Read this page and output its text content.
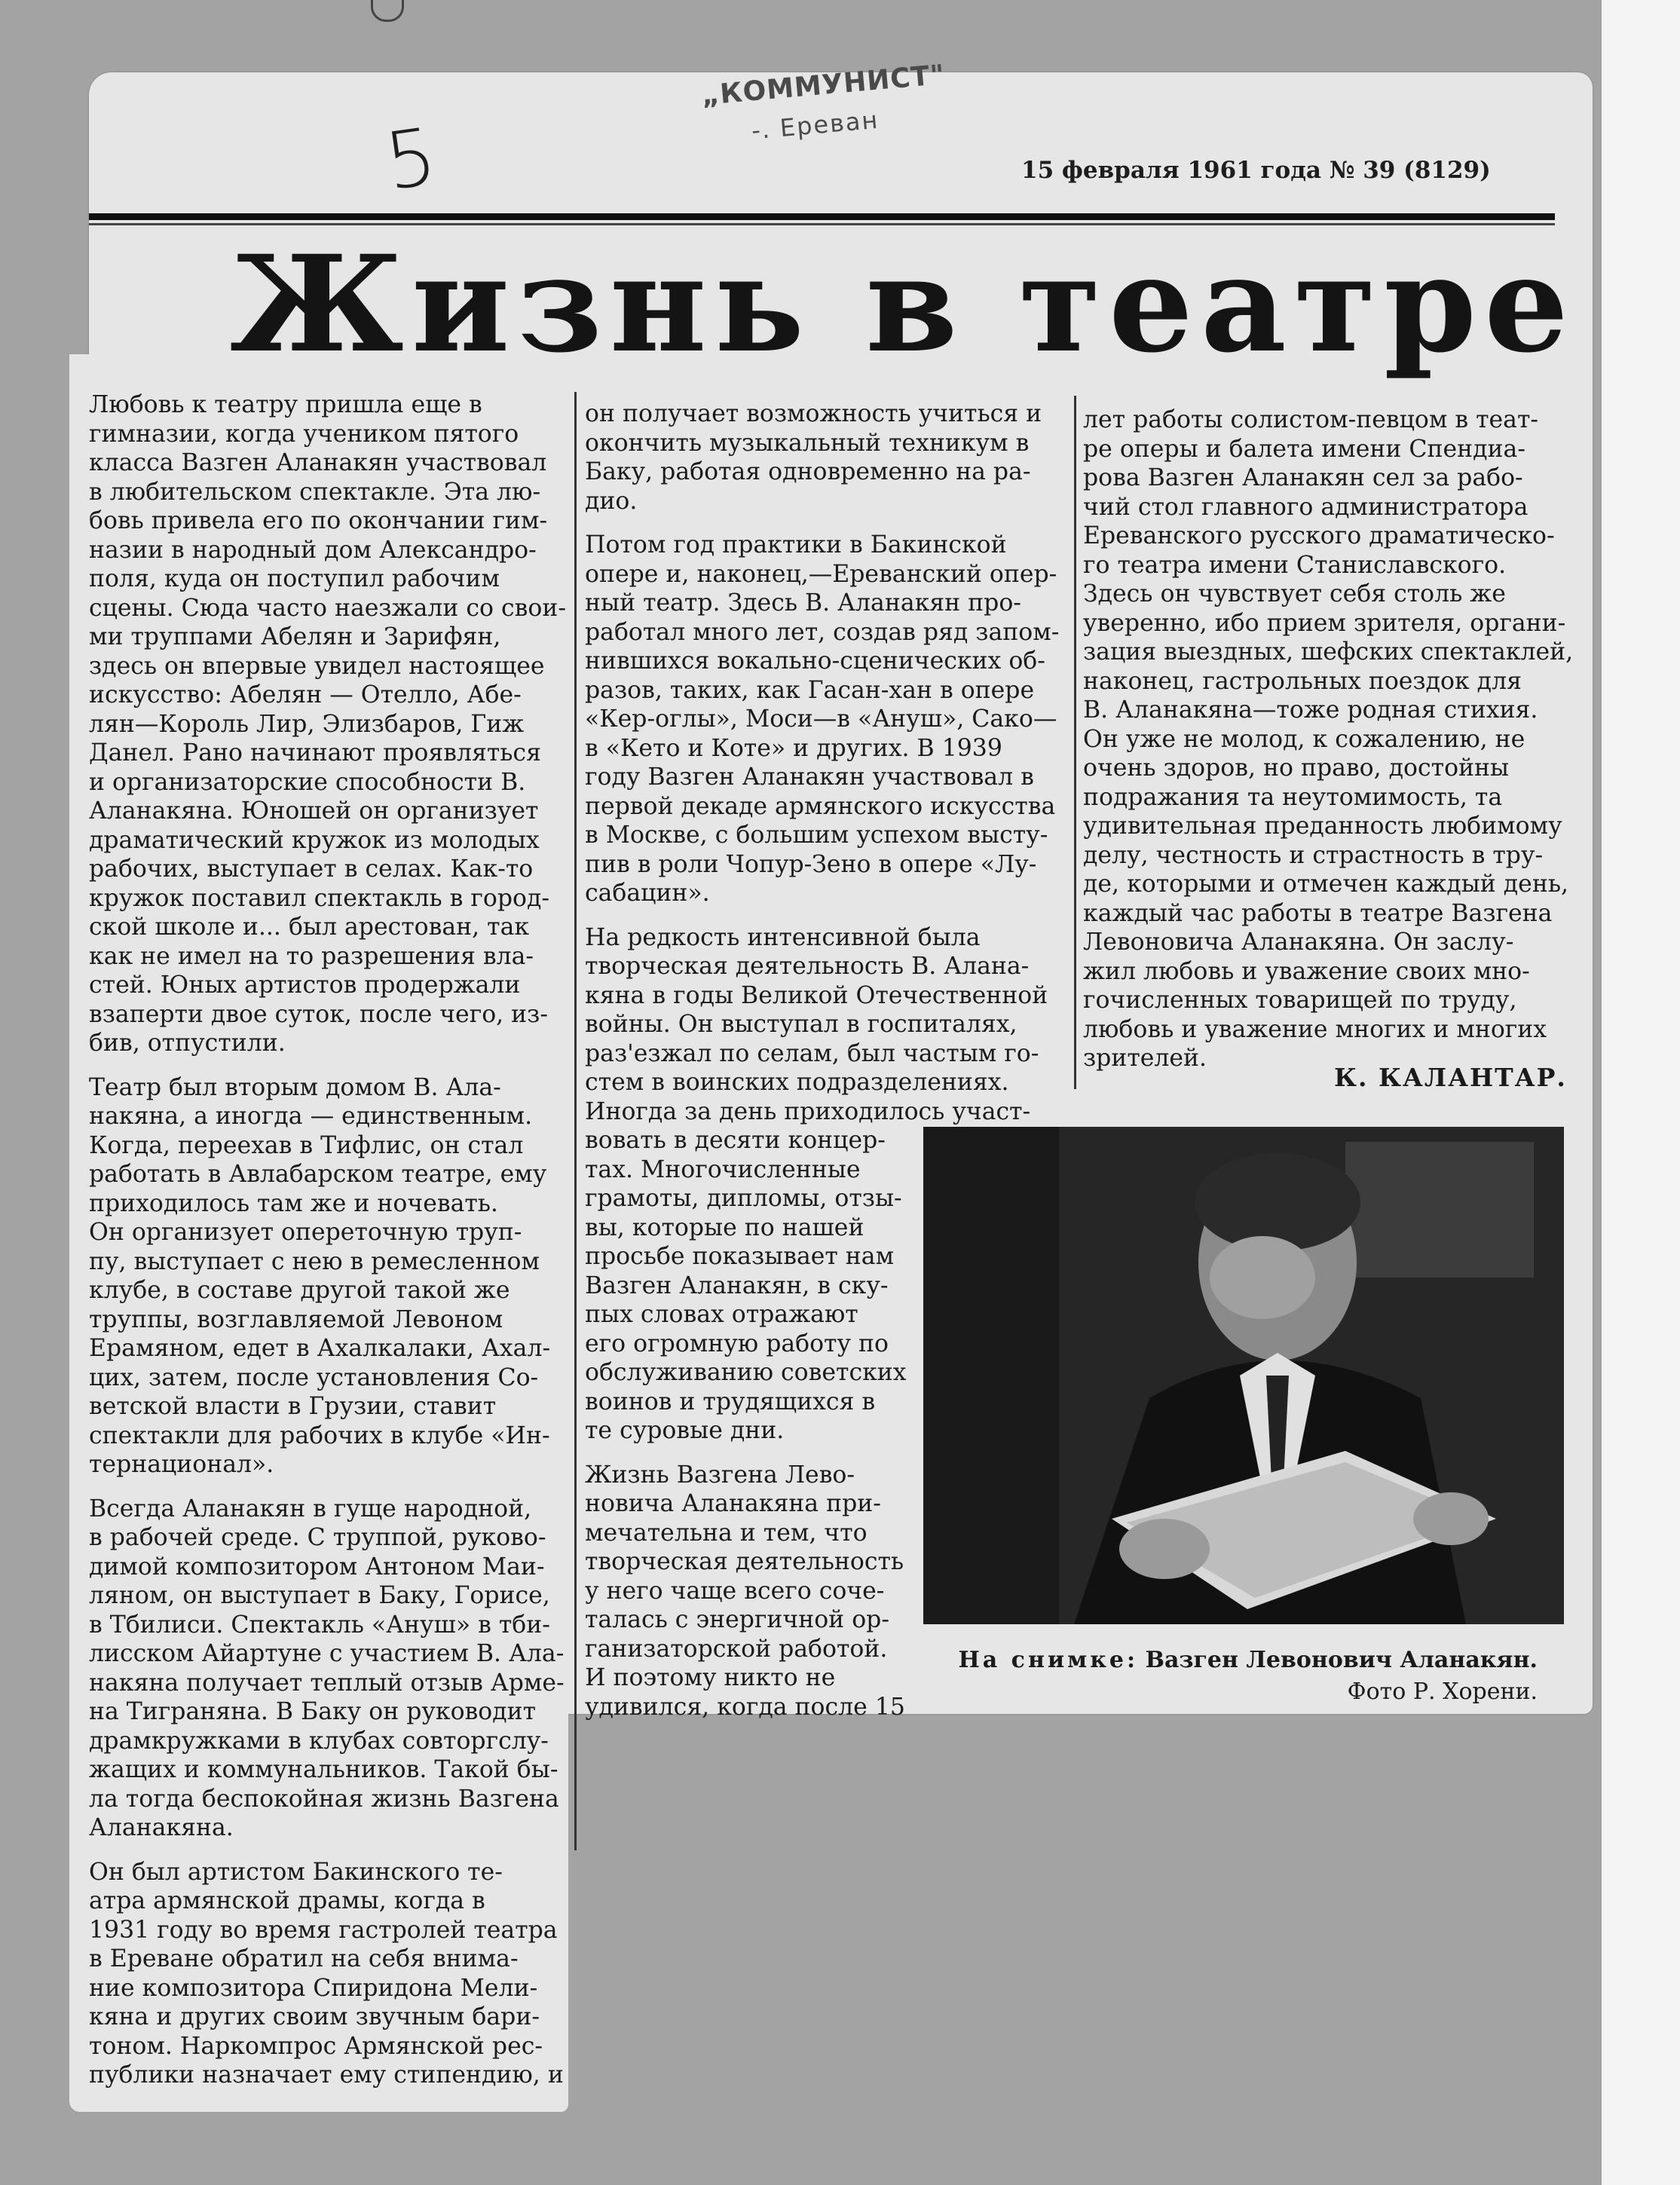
5
„КОММУНИСТ"
-. Ереван
15 февраля 1961 года № 39 (8129)
Жизнь в театре
Любовь к театру пришла еще в
гимназии, когда учеником пятого
класса Вазген Аланакян участвовал
в любительском спектакле. Эта лю-
бовь привела его по окончании гим-
назии в народный дом Александро-
поля, куда он поступил рабочим
сцены. Сюда часто наезжали со свои-
ми труппами Абелян и Зарифян,
здесь он впервые увидел настоящее
искусство: Абелян — Отелло, Абе-
лян—Король Лир, Элизбаров, Гиж
Данел. Рано начинают проявляться
и организаторские способности В.
Аланакяна. Юношей он организует
драматический кружок из молодых
рабочих, выступает в селах. Как-то
кружок поставил спектакль в город-
ской школе и... был арестован, так
как не имел на то разрешения вла-
стей. Юных артистов продержали
взаперти двое суток, после чего, из-
бив, отпустили.
Театр был вторым домом В. Ала-
накяна, а иногда — единственным.
Когда, переехав в Тифлис, он стал
работать в Авлабарском театре, ему
приходилось там же и ночевать.
Он организует опереточную труп-
пу, выступает с нею в ремесленном
клубе, в составе другой такой же
труппы, возглавляемой Левоном
Ерамяном, едет в Ахалкалаки, Ахал-
цих, затем, после установления Со-
ветской власти в Грузии, ставит
спектакли для рабочих в клубе «Ин-
тернационал».
Всегда Аланакян в гуще народной,
в рабочей среде. С труппой, руково-
димой композитором Антоном Маи-
ляном, он выступает в Баку, Горисе,
в Тбилиси. Спектакль «Ануш» в тби-
лисском Айартуне с участием В. Ала-
накяна получает теплый отзыв Арме-
на Тиграняна. В Баку он руководит
драмкружками в клубах совторгслу-
жащих и коммунальников. Такой бы-
ла тогда беспокойная жизнь Вазгена
Аланакяна.
Он был артистом Бакинского те-
атра армянской драмы, когда в
1931 году во время гастролей театра
в Ереване обратил на себя внима-
ние композитора Спиридона Мели-
кяна и других своим звучным бари-
тоном. Наркомпрос Армянской рес-
публики назначает ему стипендию, и
он получает возможность учиться и
окончить музыкальный техникум в
Баку, работая одновременно на ра-
дио.
Потом год практики в Бакинской
опере и, наконец,—Ереванский опер-
ный театр. Здесь В. Аланакян про-
работал много лет, создав ряд запом-
нившихся вокально-сценических об-
разов, таких, как Гасан-хан в опере
«Кер-оглы», Моси—в «Ануш», Сако—
в «Кето и Коте» и других. В 1939
году Вазген Аланакян участвовал в
первой декаде армянского искусства
в Москве, с большим успехом высту-
пив в роли Чопур-Зено в опере «Лу-
сабацин».
На редкость интенсивной была
творческая деятельность В. Алана-
кяна в годы Великой Отечественной
войны. Он выступал в госпиталях,
раз'езжал по селам, был частым го-
стем в воинских подразделениях.
Иногда за день приходилось участ-
вовать в десяти концер-
тах. Многочисленные
грамоты, дипломы, отзы-
вы, которые по нашей
просьбе показывает нам
Вазген Аланакян, в ску-
пых словах отражают
его огромную работу по
обслуживанию советских
воинов и трудящихся в
те суровые дни.
Жизнь Вазгена Лево-
новича Аланакяна при-
мечательна и тем, что
творческая деятельность
у него чаще всего соче-
талась с энергичной ор-
ганизаторской работой.
И поэтому никто не
удивился, когда после 15
лет работы солистом-певцом в теат-
ре оперы и балета имени Спендиа-
рова Вазген Аланакян сел за рабо-
чий стол главного администратора
Ереванского русского драматическо-
го театра имени Станиславского.
Здесь он чувствует себя столь же
уверенно, ибо прием зрителя, органи-
зация выездных, шефских спектаклей,
наконец, гастрольных поездок для
В. Аланакяна—тоже родная стихия.
Он уже не молод, к сожалению, не
очень здоров, но право, достойны
подражания та неутомимость, та
удивительная преданность любимому
делу, честность и страстность в тру-
де, которыми и отмечен каждый день,
каждый час работы в театре Вазгена
Левоновича Аланакяна. Он заслу-
жил любовь и уважение своих мно-
гочисленных товарищей по труду,
любовь и уважение многих и многих
зрителей.
К. КАЛАНТАР.
На снимке: Вазген Левонович Аланакян.
Фото Р. Хорени.
